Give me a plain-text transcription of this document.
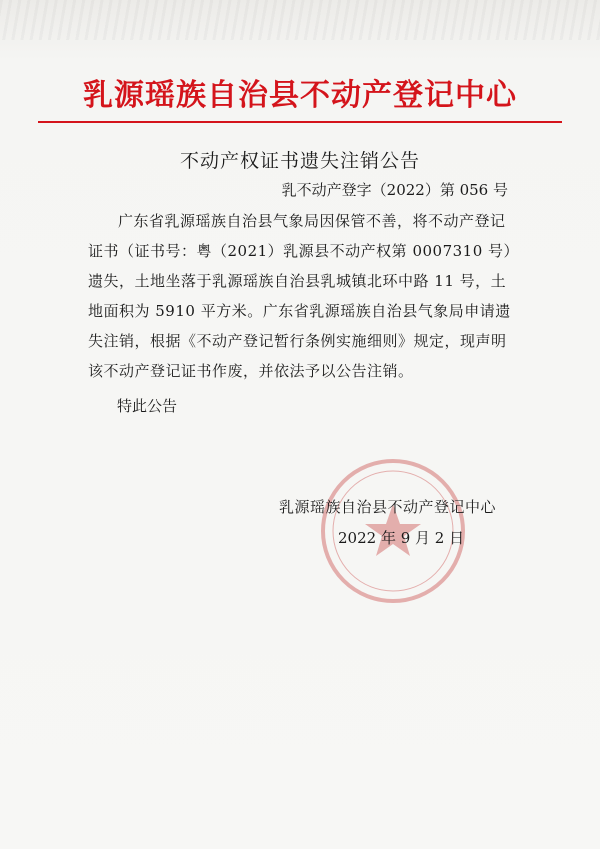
乳源瑶族自治县不动产登记中心
不动产权证书遗失注销公告
乳不动产登字（2022）第 056 号

广东省乳源瑶族自治县气象局因保管不善，将不动产登记证书（证书号：粤（2021）乳源县不动产权第 0007310 号）遗失，土地坐落于乳源瑶族自治县乳城镇北环中路 11 号，土地面积为 5910 平方米。广东省乳源瑶族自治县气象局申请遗失注销，根据《不动产登记暂行条例实施细则》规定，现声明该不动产登记证书作废，并依法予以公告注销。

特此公告
乳源瑶族自治县不动产登记中心
2022 年 9 月 2 日
